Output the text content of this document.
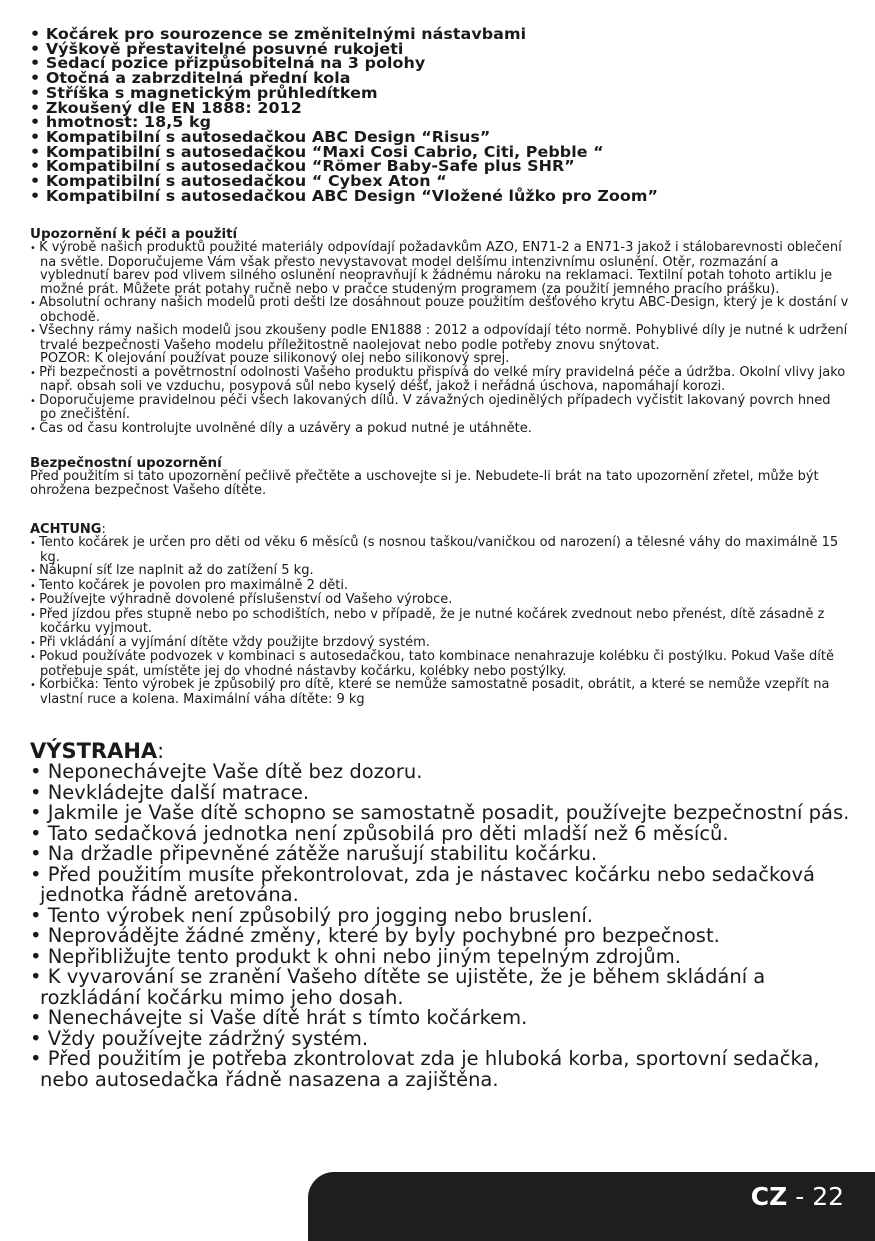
• Kočárek pro sourozence se změnitelnými nástavbami
• Výškově přestavitelné posuvné rukojeti
• Sedací pozice přizpůsobitelná na 3 polohy
• Otočná a zabrzditelná přední kola
• Stříška s magnetickým průhledítkem
• Zkoušený dle EN 1888: 2012
• hmotnost: 18,5 kg
• Kompatibilní s autosedačkou ABC Design “Risus”
• Kompatibilní s autosedačkou “Maxi Cosi Cabrio, Citi, Pebble “
• Kompatibilní s autosedačkou “Römer Baby-Safe plus SHR”
• Kompatibilní s autosedačkou “ Cybex Aton “
• Kompatibilní s autosedačkou ABC Design “Vložené lůžko pro Zoom”
Upozornění k péči a použití
• K výrobě našich produktů použité materiály odpovídají požadavkům AZO, EN71-2 a EN71-3 jakož i stálobarevnosti oblečení na světle. Doporučujeme Vám však přesto nevystavovat model delšímu intenzivnímu oslunění. Otěr, rozmazání a vyblednutí barev pod vlivem silného oslunění neopravňují k žádnému nároku na reklamaci. Textilní potah tohoto artiklu je možné prát. Můžete prát potahy ručně nebo v pračce studeným programem (za použití jemného pracího prášku).
• Absolutní ochrany našich modelů proti dešti lze dosáhnout pouze použitím dešťového krytu ABC-Design, který je k dostání v obchodě.
• Všechny rámy našich modelů jsou zkoušeny podle EN1888 : 2012 a odpovídají této normě. Pohyblivé díly je nutné k udržení trvalé bezpečnosti Vašeho modelu příležitostně naolejovat nebo podle potřeby znovu snýtovat.

POZOR: K olejování používat pouze silikonový olej nebo silikonový sprej.

• Při bezpečnosti a povětrnostní odolnosti Vašeho produktu přispívá do velké míry pravidelná péče a údržba. Okolní vlivy jako např. obsah soli ve vzduchu, posypová sůl nebo kyselý déšť, jakož i neřádná úschova, napomáhají korozi.
• Doporučujeme pravidelnou péči všech lakovaných dílů. V závažných ojedinělých případech vyčistit lakovaný povrch hned po znečištění.
• Čas od času kontrolujte uvolněné díly a uzávěry a pokud nutné je utáhněte.
Bezpečnostní upozornění

Před použitím si tato upozornění pečlivě přečtěte a uschovejte si je. Nebudete-li brát na tato upozornění zřetel, může být ohrožena bezpečnost Vašeho dítěte.

ACHTUNG:
• Tento kočárek je určen pro děti od věku 6 měsíců (s nosnou taškou/vaničkou od narození) a tělesné váhy do maximálně 15 kg.
• Nákupní síť lze naplnit až do zatížení 5 kg.
• Tento kočárek je povolen pro maximálně 2 děti.
• Používejte výhradně dovolené příslušenství od Vašeho výrobce.
• Před jízdou přes stupně nebo po schodištích, nebo v případě, že je nutné kočárek zvednout nebo přenést, dítě zásadně z kočárku vyjmout.
• Při vkládání a vyjímání dítěte vždy použijte brzdový systém.
• Pokud používáte podvozek v kombinaci s autosedačkou, tato kombinace nenahrazuje kolébku či postýlku. Pokud Vaše dítě potřebuje spát, umístěte jej do vhodné nástavby kočárku, kolébky nebo postýlky.
• Korbička: Tento výrobek je způsobilý pro dítě, které se nemůže samostatně posadit, obrátit, a které se nemůže vzepřít na vlastní ruce a kolena. Maximální váha dítěte: 9 kg
VÝSTRAHA:
• Neponechávejte Vaše dítě bez dozoru.
• Nevkládejte další matrace.
• Jakmile je Vaše dítě schopno se samostatně posadit, používejte bezpečnostní pás.
• Tato sedačková jednotka není způsobilá pro děti mladší než 6 měsíců.
• Na držadle připevněné zátěže narušují stabilitu kočárku.
• Před použitím musíte překontrolovat, zda je nástavec kočárku nebo sedačková jednotka řádně aretována.
• Tento výrobek není způsobilý pro jogging nebo bruslení.
• Neprovádějte žádné změny, které by byly pochybné pro bezpečnost.
• Nepřibližujte tento produkt k ohni nebo jiným tepelným zdrojům.
• K vyvarování se zranění Vašeho dítěte se ujistěte, že je během skládání a rozkládání kočárku mimo jeho dosah.
• Nenechávejte si Vaše dítě hrát s tímto kočárkem.
• Vždy používejte zádržný systém.
• Před použitím je potřeba zkontrolovat zda je hluboká korba, sportovní sedačka, nebo autosedačka řádně nasazena a zajištěna.
CZ - 22
